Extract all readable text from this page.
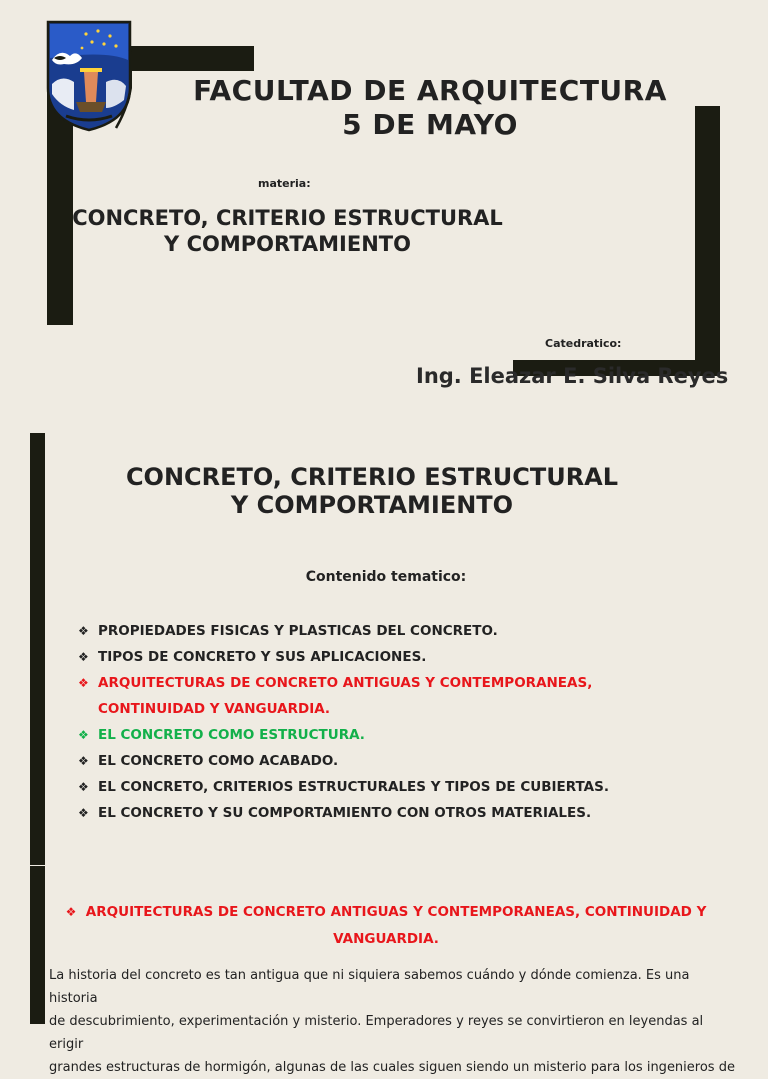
FACULTAD DE ARQUITECTURA
5 DE MAYO
materia:
CONCRETO, CRITERIO ESTRUCTURAL
Y COMPORTAMIENTO
Catedratico:
Ing. Eleazar E. Silva Reyes
CONCRETO, CRITERIO ESTRUCTURAL
Y COMPORTAMIENTO
Contenido tematico:
❖ PROPIEDADES FISICAS Y PLASTICAS DEL CONCRETO.
❖ TIPOS DE CONCRETO Y SUS APLICACIONES.
❖ ARQUITECTURAS DE CONCRETO ANTIGUAS Y CONTEMPORANEAS,
CONTINUIDAD Y VANGUARDIA.
❖ EL CONCRETO COMO ESTRUCTURA.
❖ EL CONCRETO COMO ACABADO.
❖ EL CONCRETO, CRITERIOS ESTRUCTURALES Y TIPOS DE CUBIERTAS.
❖ EL CONCRETO Y SU COMPORTAMIENTO CON OTROS MATERIALES.
❖ ARQUITECTURAS DE CONCRETO ANTIGUAS Y CONTEMPORANEAS, CONTINUIDAD Y
VANGUARDIA.
La historia del concreto es tan antigua que ni siquiera sabemos cuándo y dónde comienza. Es una historia
de descubrimiento, experimentación y misterio. Emperadores y reyes se convirtieron en leyendas al erigir
grandes estructuras de hormigón, algunas de las cuales siguen siendo un misterio para los ingenieros de
